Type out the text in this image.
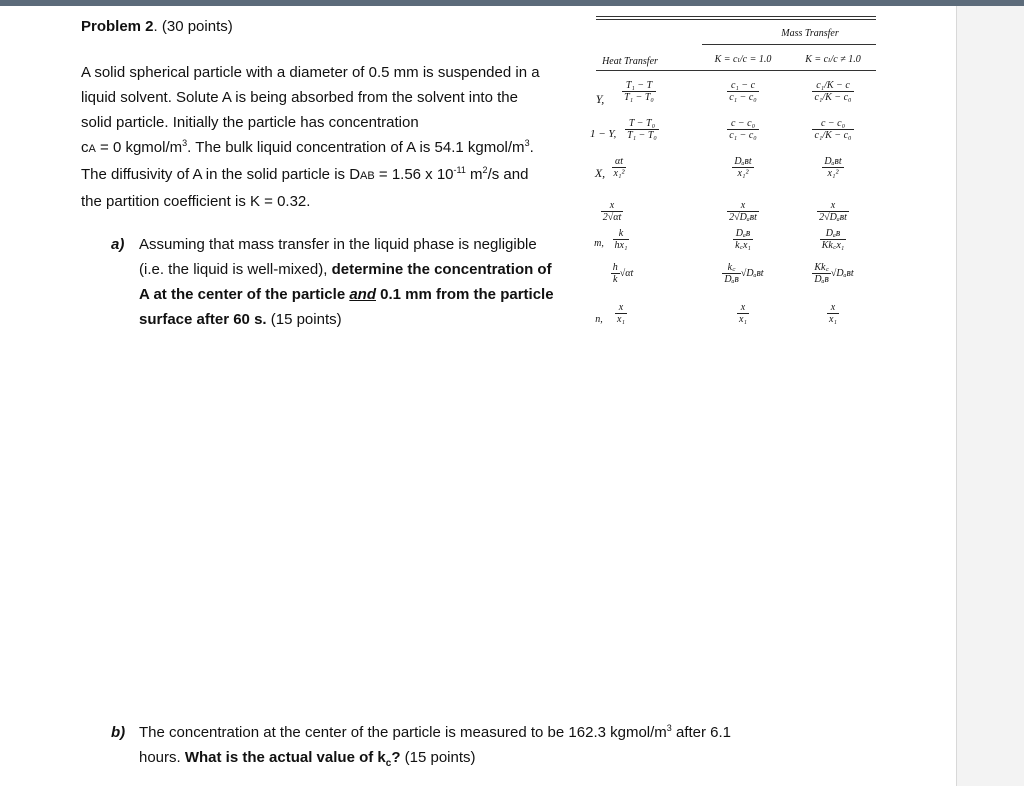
Problem 2. (30 points)

A solid spherical particle with a diameter of 0.5 mm is suspended in a

liquid solvent. Solute A is being absorbed from the solvent into the

solid particle. Initially the particle has concentration

cA = 0 kgmol/$m^3$. The bulk liquid concentration of A is 54.1 kgmol/$m^3$.

The diffusivity of A in the solid particle is DAB = 1.56 x $10^{-11}$ $m^2/s$ and

the partition coefficient is K = 0.32.

a) Assuming that mass transfer in the liquid phase is negligible

(i.e. the liquid is well-mixed), determine the concentration of

A at the center of the particle and 0.1 mm from the particle

surface after 60 s. (15 points)

b) The concentration at the center of the particle is measured to be 162.3 kgmol/$m^3$ after 6.1

hours. What is the actual value of $k_c$? (15 points)

Mass Transfer
Heat Transfer	K = cₗ/c = 1.0	K = cₗ/c ≠ 1.0
Y,	$\frac{\text{T₁ − T}}{\text{T₁ − T₀}}$	$\frac{\text{c₁ − c}}{\text{c₁ − c₀}}$	$\frac{\text{c₁/K − c}}{\text{c₁/K − c₀}}$
1 − Y, $\frac{\text{T − T₀}}{\text{T₁ − T₀}}$	$\frac{\text{c − c₀}}{\text{c₁ − c₀}}$	$\frac{\text{c − c₀}}{\text{c₁/K − c₀}}$
X, $\frac{\alpha t}{\text{x₁²}}$	$\frac{\text{Dₐʙt}}{\text{x₁²}}$	$\frac{\text{Dₐʙt}}{\text{x₁²}}$
$\frac{x}{2√\alpha t}$	$\frac{x}{\text{2√Dₐʙt}}$	$\frac{x}{\text{2√Dₐʙt}}$
m, $\frac{k}{\text{hx₁}}$	$\frac{\text{Dₐʙ}}{\text{k꜀x₁}}$	$\frac{\text{Dₐʙ}}{\text{Kk꜀x₁}}$
$\frac{h}{k} √\alpha t$	$\frac{k꜀}{\text{Dₐʙ}}$ √Dₐʙt	$\frac{Kk꜀}{\text{Dₐʙ}}$ √Dₐʙt
n,	$\frac{x}{\text{x₁}}$	$\frac{x}{\text{x₁}}$	$\frac{x}{\text{x₁}}$
